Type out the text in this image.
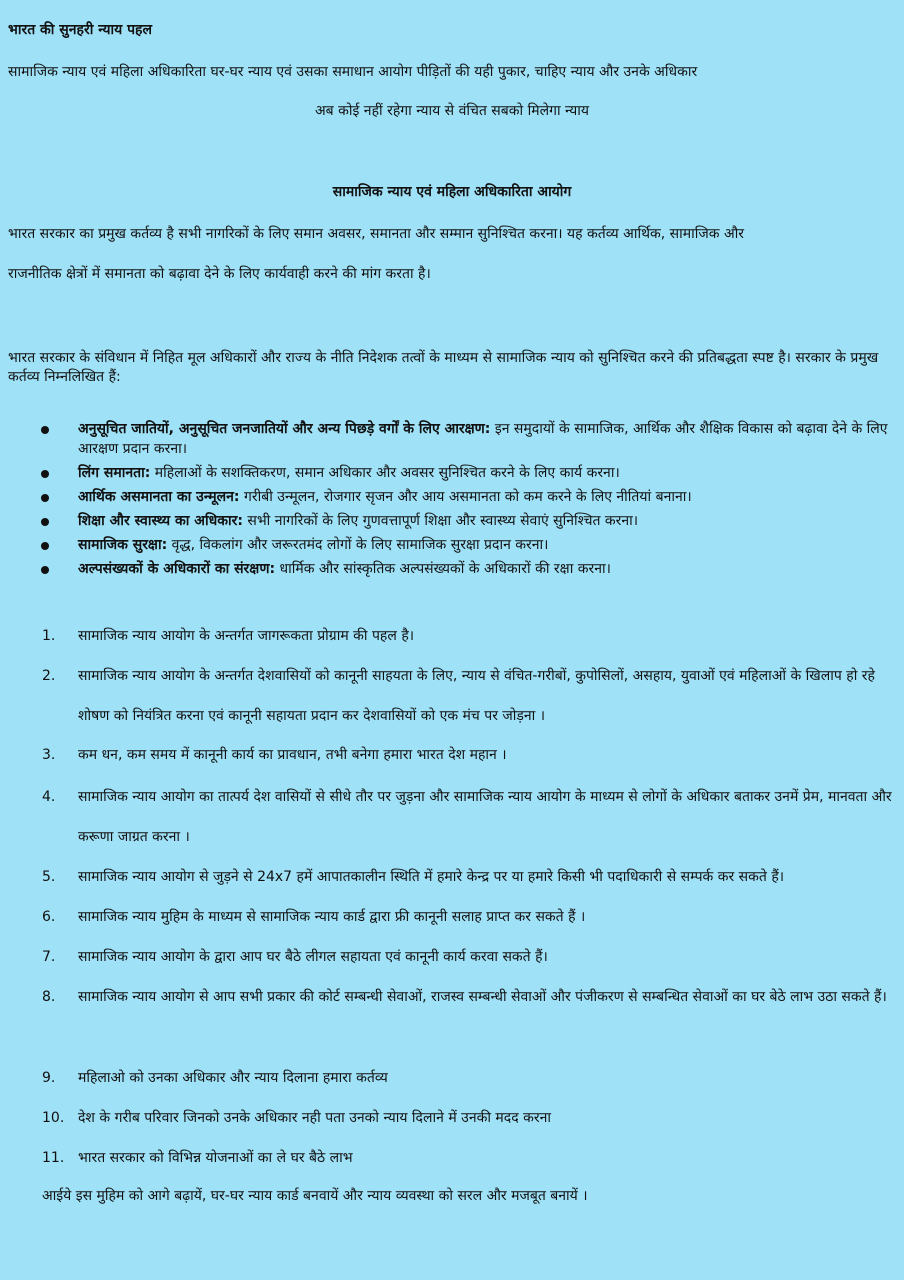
भारत की सुनहरी न्याय पहल
सामाजिक न्याय एवं महिला अधिकारिता घर-घर न्याय एवं उसका समाधान आयोग पीड़ितों की यही पुकार, चाहिए न्याय और उनके अधिकार
अब कोई नहीं रहेगा न्याय से वंचित सबको मिलेगा न्याय
सामाजिक न्याय एवं महिला अधिकारिता आयोग
भारत सरकार का प्रमुख कर्तव्य है सभी नागरिकों के लिए समान अवसर, समानता और सम्मान सुनिश्चित करना। यह कर्तव्य आर्थिक, सामाजिक और
राजनीतिक क्षेत्रों में समानता को बढ़ावा देने के लिए कार्यवाही करने की मांग करता है।
भारत सरकार के संविधान में निहित मूल अधिकारों और राज्य के नीति निदेशक तत्वों के माध्यम से सामाजिक न्याय को सुनिश्चित करने की प्रतिबद्धता स्पष्ट है। सरकार के प्रमुख कर्तव्य निम्नलिखित हैं:
अनुसूचित जातियों, अनुसूचित जनजातियों और अन्य पिछड़े वर्गों के लिए आरक्षण: इन समुदायों के सामाजिक, आर्थिक और शैक्षिक विकास को बढ़ावा देने के लिए आरक्षण प्रदान करना।
लिंग समानता: महिलाओं के सशक्तिकरण, समान अधिकार और अवसर सुनिश्चित करने के लिए कार्य करना।
आर्थिक असमानता का उन्मूलन: गरीबी उन्मूलन, रोजगार सृजन और आय असमानता को कम करने के लिए नीतियां बनाना।
शिक्षा और स्वास्थ्य का अधिकार: सभी नागरिकों के लिए गुणवत्तापूर्ण शिक्षा और स्वास्थ्य सेवाएं सुनिश्चित करना।
सामाजिक सुरक्षा: वृद्ध, विकलांग और जरूरतमंद लोगों के लिए सामाजिक सुरक्षा प्रदान करना।
अल्पसंख्यकों के अधिकारों का संरक्षण: धार्मिक और सांस्कृतिक अल्पसंख्यकों के अधिकारों की रक्षा करना।
1. सामाजिक न्याय आयोग के अन्तर्गत जागरूकता प्रोग्राम की पहल है।
2. सामाजिक न्याय आयोग के अन्तर्गत देशवासियों को कानूनी साहयता के लिए, न्याय से वंचित-गरीबों, कुपोसिलों, असहाय, युवाओं एवं महिलाओं के खिलाप हो रहे शोषण को नियंत्रित करना एवं कानूनी सहायता प्रदान कर देशवासियों को एक मंच पर जोड़ना ।
3. कम धन, कम समय में कानूनी कार्य का प्रावधान, तभी बनेगा हमारा भारत देश महान ।
4. सामाजिक न्याय आयोग का तात्पर्य देश वासियों से सीधे तौर पर जुड़ना और सामाजिक न्याय आयोग के माध्यम से लोगों के अधिकार बताकर उनमें प्रेम, मानवता और करूणा जाग्रत करना ।
5. सामाजिक न्याय आयोग से जुड़ने से 24x7 हमें आपातकालीन स्थिति में हमारे केन्द्र पर या हमारे किसी भी पदाधिकारी से सम्पर्क कर सकते हैं।
6. सामाजिक न्याय मुहिम के माध्यम से सामाजिक न्याय कार्ड द्वारा फ्री कानूनी सलाह प्राप्त कर सकते हैं ।
7. सामाजिक न्याय आयोग के द्वारा आप घर बैठे लीगल सहायता एवं कानूनी कार्य करवा सकते हैं।
8. सामाजिक न्याय आयोग से आप सभी प्रकार की कोर्ट सम्बन्धी सेवाओं, राजस्व सम्बन्धी सेवाओं और पंजीकरण से सम्बन्धित सेवाओं का घर बेठे लाभ उठा सकते हैं।
9. महिलाओ को उनका अधिकार और न्याय दिलाना हमारा कर्तव्य
10. देश के गरीब परिवार जिनको उनके अधिकार नही पता उनको न्याय दिलाने में उनकी मदद करना
11. भारत सरकार को विभिन्न योजनाओं का ले घर बैठे लाभ
आईये इस मुहिम को आगे बढ़ायें, घर-घर न्याय कार्ड बनवायें और न्याय व्यवस्था को सरल और मजबूत बनायें ।
